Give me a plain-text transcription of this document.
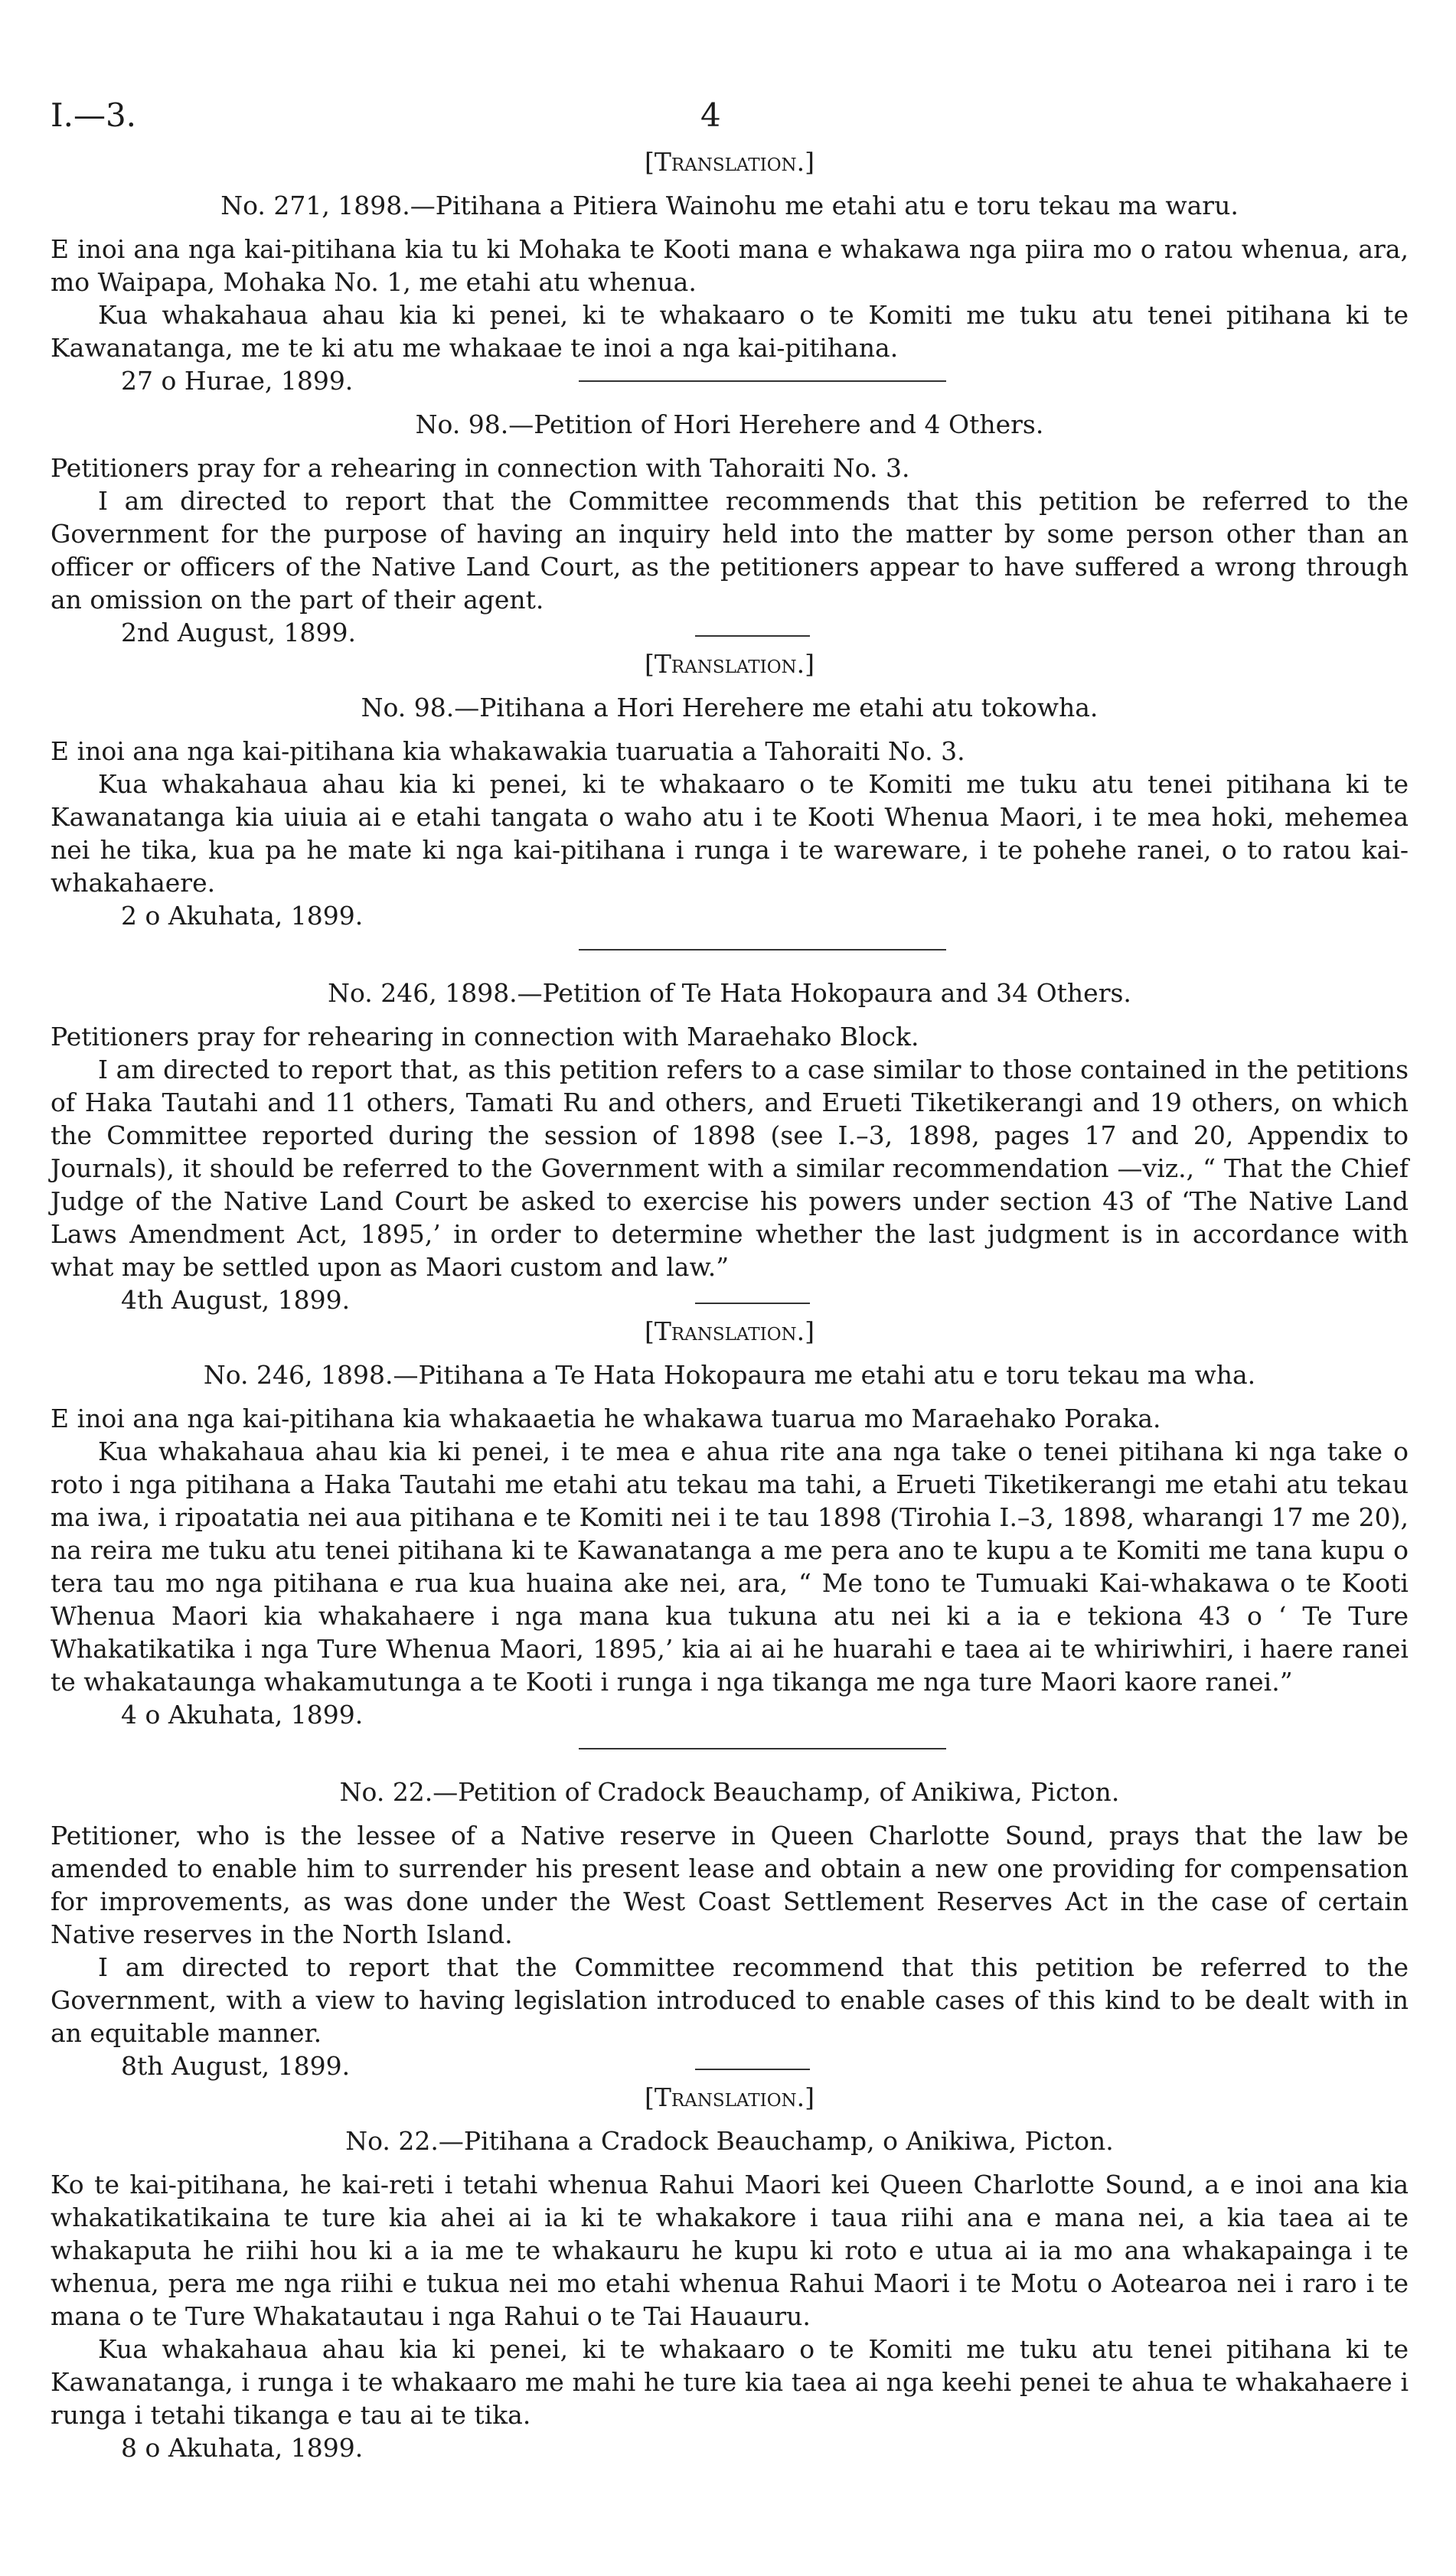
I.—3.	4

[Translation.]

No. 271, 1898.—Pitihana a Pitiera Wainohu me etahi atu e toru tekau ma waru.

E inoi ana nga kai-pitihana kia tu ki Mohaka te Kooti mana e whakawa nga piira mo o ratou whenua, ara, mo Waipapa, Mohaka No. 1, me etahi atu whenua.

Kua whakahaua ahau kia ki penei, ki te whakaaro o te Komiti me tuku atu tenei pitihana ki te Kawanatanga, me te ki atu me whakaae te inoi a nga kai-pitihana.

27 o Hurae, 1899.

No. 98.—Petition of Hori Herehere and 4 Others.

Petitioners pray for a rehearing in connection with Tahoraiti No. 3.

I am directed to report that the Committee recommends that this petition be referred to the Government for the purpose of having an inquiry held into the matter by some person other than an officer or officers of the Native Land Court, as the petitioners appear to have suffered a wrong through an omission on the part of their agent.

2nd August, 1899.

[Translation.]

No. 98.—Pitihana a Hori Herehere me etahi atu tokowha.

E inoi ana nga kai-pitihana kia whakawakia tuaruatia a Tahoraiti No. 3.

Kua whakahaua ahau kia ki penei, ki te whakaaro o te Komiti me tuku atu tenei pitihana ki te Kawanatanga kia uiuia ai e etahi tangata o waho atu i te Kooti Whenua Maori, i te mea hoki, mehemea nei he tika, kua pa he mate ki nga kai-pitihana i runga i te wareware, i te pohehe ranei, o to ratou kai-whakahaere.

2 o Akuhata, 1899.

No. 246, 1898.—Petition of Te Hata Hokopaura and 34 Others.

Petitioners pray for rehearing in connection with Maraehako Block.

I am directed to report that, as this petition refers to a case similar to those contained in the petitions of Haka Tautahi and 11 others, Tamati Ru and others, and Erueti Tiketikerangi and 19 others, on which the Committee reported during the session of 1898 (see I.–3, 1898, pages 17 and 20, Appendix to Journals), it should be referred to the Government with a similar recommendation —viz., “ That the Chief Judge of the Native Land Court be asked to exercise his powers under section 43 of ‘The Native Land Laws Amendment Act, 1895,’ in order to determine whether the last judgment is in accordance with what may be settled upon as Maori custom and law.”

4th August, 1899.

[Translation.]

No. 246, 1898.—Pitihana a Te Hata Hokopaura me etahi atu e toru tekau ma wha.

E inoi ana nga kai-pitihana kia whakaaetia he whakawa tuarua mo Maraehako Poraka.

Kua whakahaua ahau kia ki penei, i te mea e ahua rite ana nga take o tenei pitihana ki nga take o roto i nga pitihana a Haka Tautahi me etahi atu tekau ma tahi, a Erueti Tiketikerangi me etahi atu tekau ma iwa, i ripoatatia nei aua pitihana e te Komiti nei i te tau 1898 (Tirohia I.–3, 1898, wharangi 17 me 20), na reira me tuku atu tenei pitihana ki te Kawanatanga a me pera ano te kupu a te Komiti me tana kupu o tera tau mo nga pitihana e rua kua huaina ake nei, ara, “ Me tono te Tumuaki Kai-whakawa o te Kooti Whenua Maori kia whakahaere i nga mana kua tukuna atu nei ki a ia e tekiona 43 o ‘ Te Ture Whakatikatika i nga Ture Whenua Maori, 1895,’ kia ai ai he huarahi e taea ai te whiriwhiri, i haere ranei te whakataunga whakamutunga a te Kooti i runga i nga tikanga me nga ture Maori kaore ranei.”

4 o Akuhata, 1899.

No. 22.—Petition of Cradock Beauchamp, of Anikiwa, Picton.

Petitioner, who is the lessee of a Native reserve in Queen Charlotte Sound, prays that the law be amended to enable him to surrender his present lease and obtain a new one providing for compensation for improvements, as was done under the West Coast Settlement Reserves Act in the case of certain Native reserves in the North Island.

I am directed to report that the Committee recommend that this petition be referred to the Government, with a view to having legislation introduced to enable cases of this kind to be dealt with in an equitable manner.

8th August, 1899.

[Translation.]

No. 22.—Pitihana a Cradock Beauchamp, o Anikiwa, Picton.

Ko te kai-pitihana, he kai-reti i tetahi whenua Rahui Maori kei Queen Charlotte Sound, a e inoi ana kia whakatikatikaina te ture kia ahei ai ia ki te whakakore i taua riihi ana e mana nei, a kia taea ai te whakaputa he riihi hou ki a ia me te whakauru he kupu ki roto e utua ai ia mo ana whakapainga i te whenua, pera me nga riihi e tukua nei mo etahi whenua Rahui Maori i te Motu o Aotearoa nei i raro i te mana o te Ture Whakatautau i nga Rahui o te Tai Hauauru.

Kua whakahaua ahau kia ki penei, ki te whakaaro o te Komiti me tuku atu tenei pitihana ki te Kawanatanga, i runga i te whakaaro me mahi he ture kia taea ai nga keehi penei te ahua te whakahaere i runga i tetahi tikanga e tau ai te tika.

8 o Akuhata, 1899.
